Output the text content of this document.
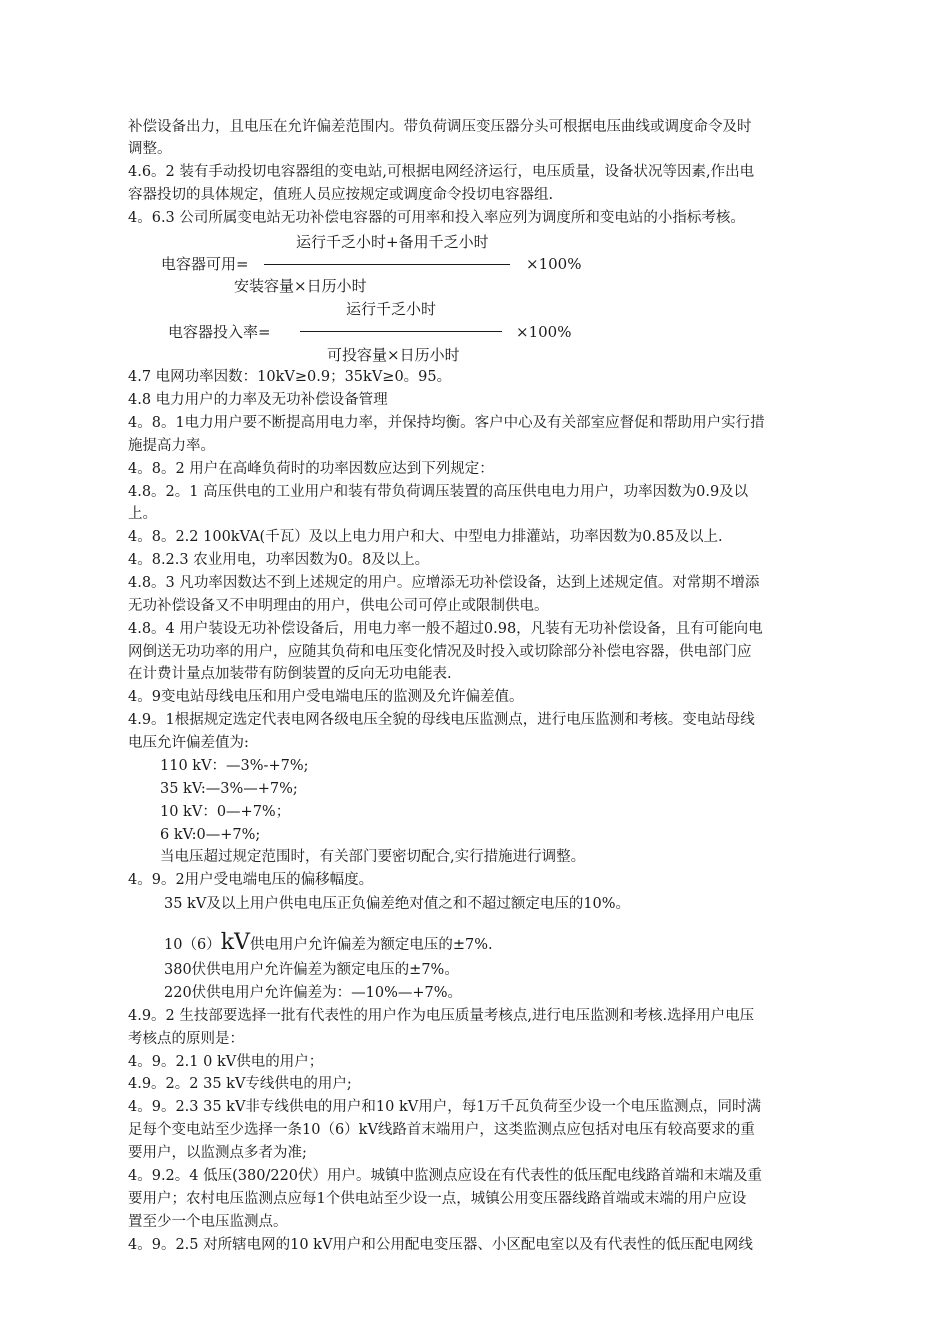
补偿设备出力，且电压在允许偏差范围内。带负荷调压变压器分头可根据电压曲线或调度命令及时
调整。
4.6。2 装有手动投切电容器组的变电站,可根据电网经济运行，电压质量，设备状况等因素,作出电
容器投切的具体规定，值班人员应按规定或调度命令投切电容器组.
4。6.3 公司所属变电站无功补偿电容器的可用率和投入率应列为调度所和变电站的小指标考核。
运行千乏小时+备用千乏小时
电容器可用=	×100%
安装容量×日历小时
运行千乏小时
电容器投入率=	×100%
可投容量×日历小时
4.7 电网功率因数：10kV≥0.9；35kV≥0。95。
4.8 电力用户的力率及无功补偿设备管理
4。8。1电力用户要不断提高用电力率，并保持均衡。客户中心及有关部室应督促和帮助用户实行措
施提高力率。
4。8。2 用户在高峰负荷时的功率因数应达到下列规定：
4.8。2。1 高压供电的工业用户和装有带负荷调压装置的高压供电电力用户，功率因数为0.9及以
上。
4。8。2.2 100kVA(千瓦）及以上电力用户和大、中型电力排灌站，功率因数为0.85及以上.
4。8.2.3 农业用电，功率因数为0。8及以上。
4.8。3 凡功率因数达不到上述规定的用户。应增添无功补偿设备，达到上述规定值。对常期不增添
无功补偿设备又不申明理由的用户，供电公司可停止或限制供电。
4.8。4 用户装设无功补偿设备后，用电力率一般不超过0.98，凡装有无功补偿设备，且有可能向电
网倒送无功功率的用户，应随其负荷和电压变化情况及时投入或切除部分补偿电容器，供电部门应
在计费计量点加装带有防倒装置的反向无功电能表.
4。9变电站母线电压和用户受电端电压的监测及允许偏差值。
4.9。1根据规定选定代表电网各级电压全貌的母线电压监测点，进行电压监测和考核。变电站母线
电压允许偏差值为:
110 kV：—3%-+7%;
35 kV:—3%—+7%;
10 kV：0—+7%；
6 kV:0—+7%;
当电压超过规定范围时，有关部门要密切配合,实行措施进行调整。
4。9。2用户受电端电压的偏移幅度。
35 kV及以上用户供电电压正负偏差绝对值之和不超过额定电压的10%。
10（6）kV供电用户允许偏差为额定电压的±7%.
380伏供电用户允许偏差为额定电压的±7%。
220伏供电用户允许偏差为：—10%—+7%。
4.9。2 生技部要选择一批有代表性的用户作为电压质量考核点,进行电压监测和考核.选择用户电压
考核点的原则是：
4。9。2.1 0 kV供电的用户；
4.9。2。2 35 kV专线供电的用户;
4。9。2.3 35 kV非专线供电的用户和10 kV用户，每1万千瓦负荷至少设一个电压监测点，同时满
足每个变电站至少选择一条10（6）kV线路首末端用户，这类监测点应包括对电压有较高要求的重
要用户，以监测点多者为准;
4。9.2。4 低压(380/220伏）用户。城镇中监测点应设在有代表性的低压配电线路首端和末端及重
要用户；农村电压监测点应每1个供电站至少设一点，城镇公用变压器线路首端或末端的用户应设
置至少一个电压监测点。
4。9。2.5 对所辖电网的10 kV用户和公用配电变压器、小区配电室以及有代表性的低压配电网线
